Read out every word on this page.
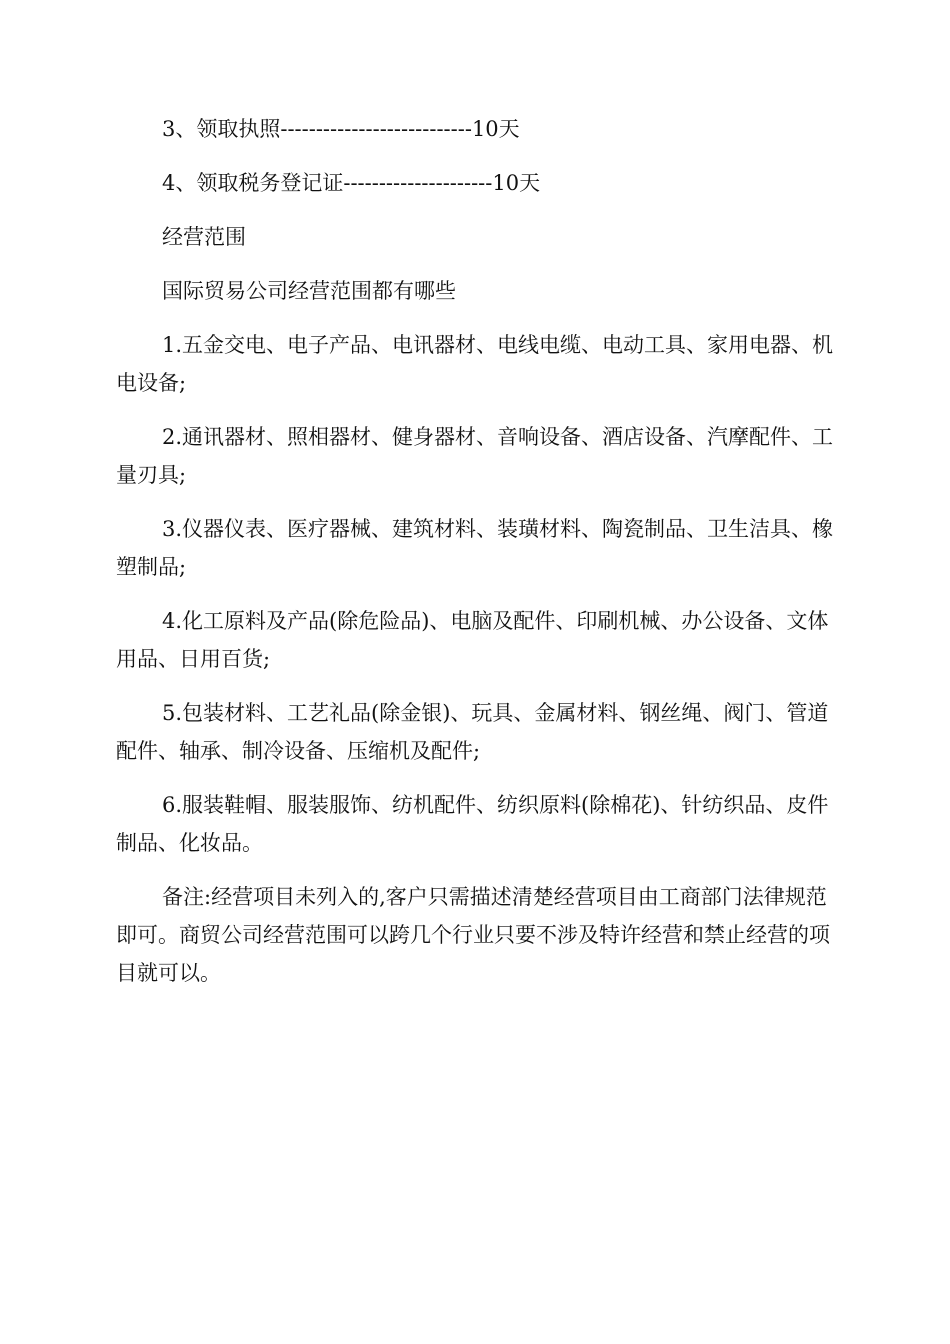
3、领取执照---------------------------10天

4、领取税务登记证---------------------10天

经营范围

国际贸易公司经营范围都有哪些

1.五金交电、电子产品、电讯器材、电线电缆、电动工具、家用电器、机电设备;

2.通讯器材、照相器材、健身器材、音响设备、酒店设备、汽摩配件、工量刃具;

3.仪器仪表、医疗器械、建筑材料、装璜材料、陶瓷制品、卫生洁具、橡塑制品;

4.化工原料及产品(除危险品)、电脑及配件、印刷机械、办公设备、文体用品、日用百货;

5.包装材料、工艺礼品(除金银)、玩具、金属材料、钢丝绳、阀门、管道配件、轴承、制冷设备、压缩机及配件;

6.服装鞋帽、服装服饰、纺机配件、纺织原料(除棉花)、针纺织品、皮件制品、化妆品。

备注:经营项目未列入的,客户只需描述清楚经营项目由工商部门法律规范即可。商贸公司经营范围可以跨几个行业只要不涉及特许经营和禁止经营的项目就可以。
